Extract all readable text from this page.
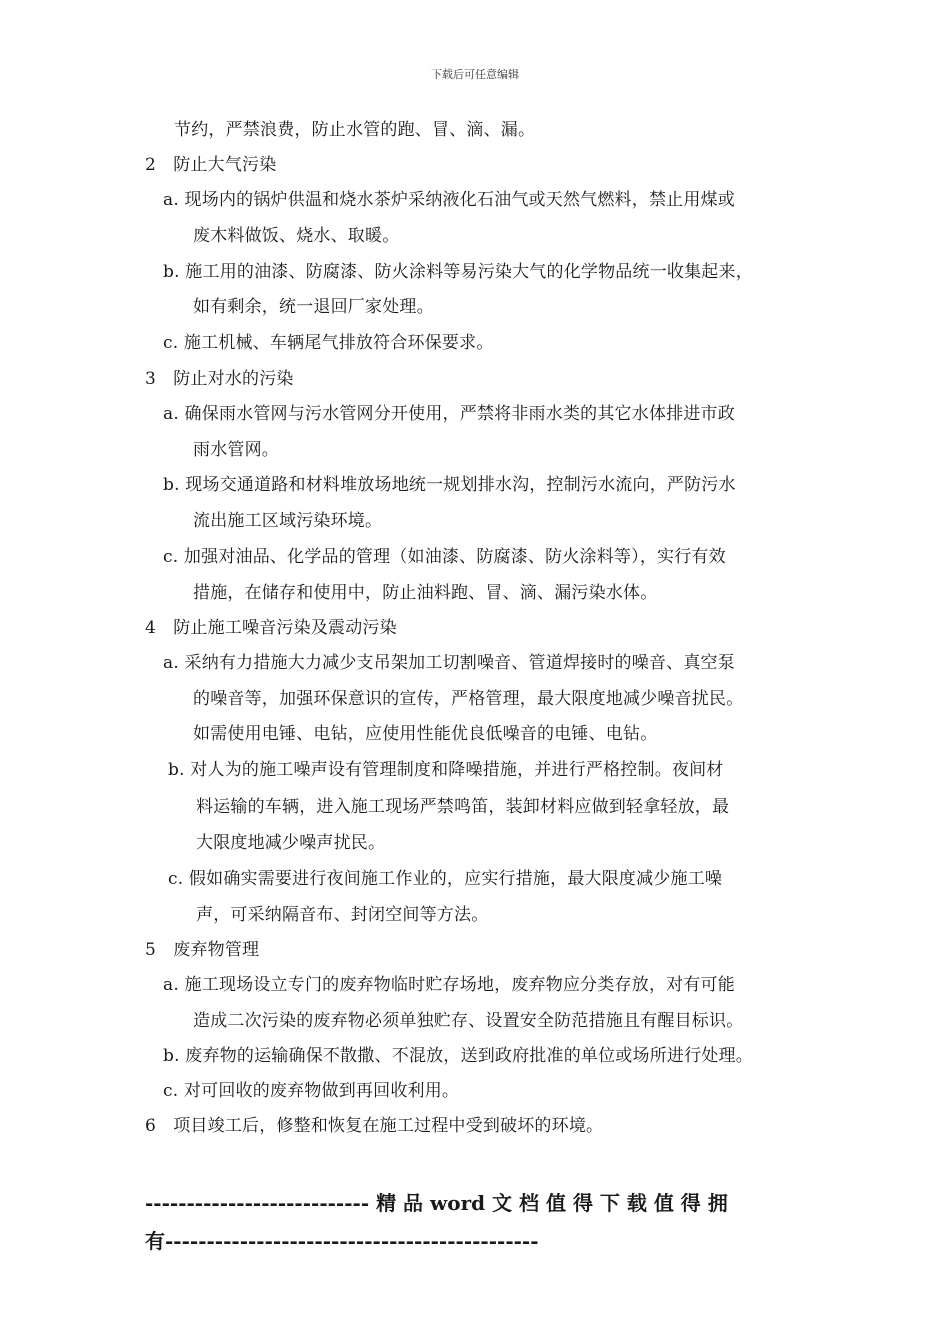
下载后可任意编辑
节约，严禁浪费，防止水管的跑、冒、滴、漏。
2　防止大气污染
a. 现场内的锅炉供温和烧水茶炉采纳液化石油气或天然气燃料，禁止用煤或
废木料做饭、烧水、取暖。
b. 施工用的油漆、防腐漆、防火涂料等易污染大气的化学物品统一收集起来，
如有剩余，统一退回厂家处理。
c. 施工机械、车辆尾气排放符合环保要求。
3　防止对水的污染
a. 确保雨水管网与污水管网分开使用，严禁将非雨水类的其它水体排进市政
雨水管网。
b. 现场交通道路和材料堆放场地统一规划排水沟，控制污水流向，严防污水
流出施工区域污染环境。
c. 加强对油品、化学品的管理（如油漆、防腐漆、防火涂料等），实行有效
措施，在储存和使用中，防止油料跑、冒、滴、漏污染水体。
4　防止施工噪音污染及震动污染
a. 采纳有力措施大力减少支吊架加工切割噪音、管道焊接时的噪音、真空泵
的噪音等，加强环保意识的宣传，严格管理，最大限度地减少噪音扰民。
如需使用电锤、电钻，应使用性能优良低噪音的电锤、电钻。
b. 对人为的施工噪声设有管理制度和降噪措施，并进行严格控制。夜间材
料运输的车辆，进入施工现场严禁鸣笛，装卸材料应做到轻拿轻放，最
大限度地减少噪声扰民。
c. 假如确实需要进行夜间施工作业的，应实行措施，最大限度减少施工噪
声，可采纳隔音布、封闭空间等方法。
5　废弃物管理
a. 施工现场设立专门的废弃物临时贮存场地，废弃物应分类存放，对有可能
造成二次污染的废弃物必须单独贮存、设置安全防范措施且有醒目标识。
b. 废弃物的运输确保不散撒、不混放，送到政府批准的单位或场所进行处理。
c. 对可回收的废弃物做到再回收利用。
6　项目竣工后，修整和恢复在施工过程中受到破坏的环境。
--------------------------- 精 品 word 文 档 值 得 下 载 值 得 拥
有---------------------------------------------
